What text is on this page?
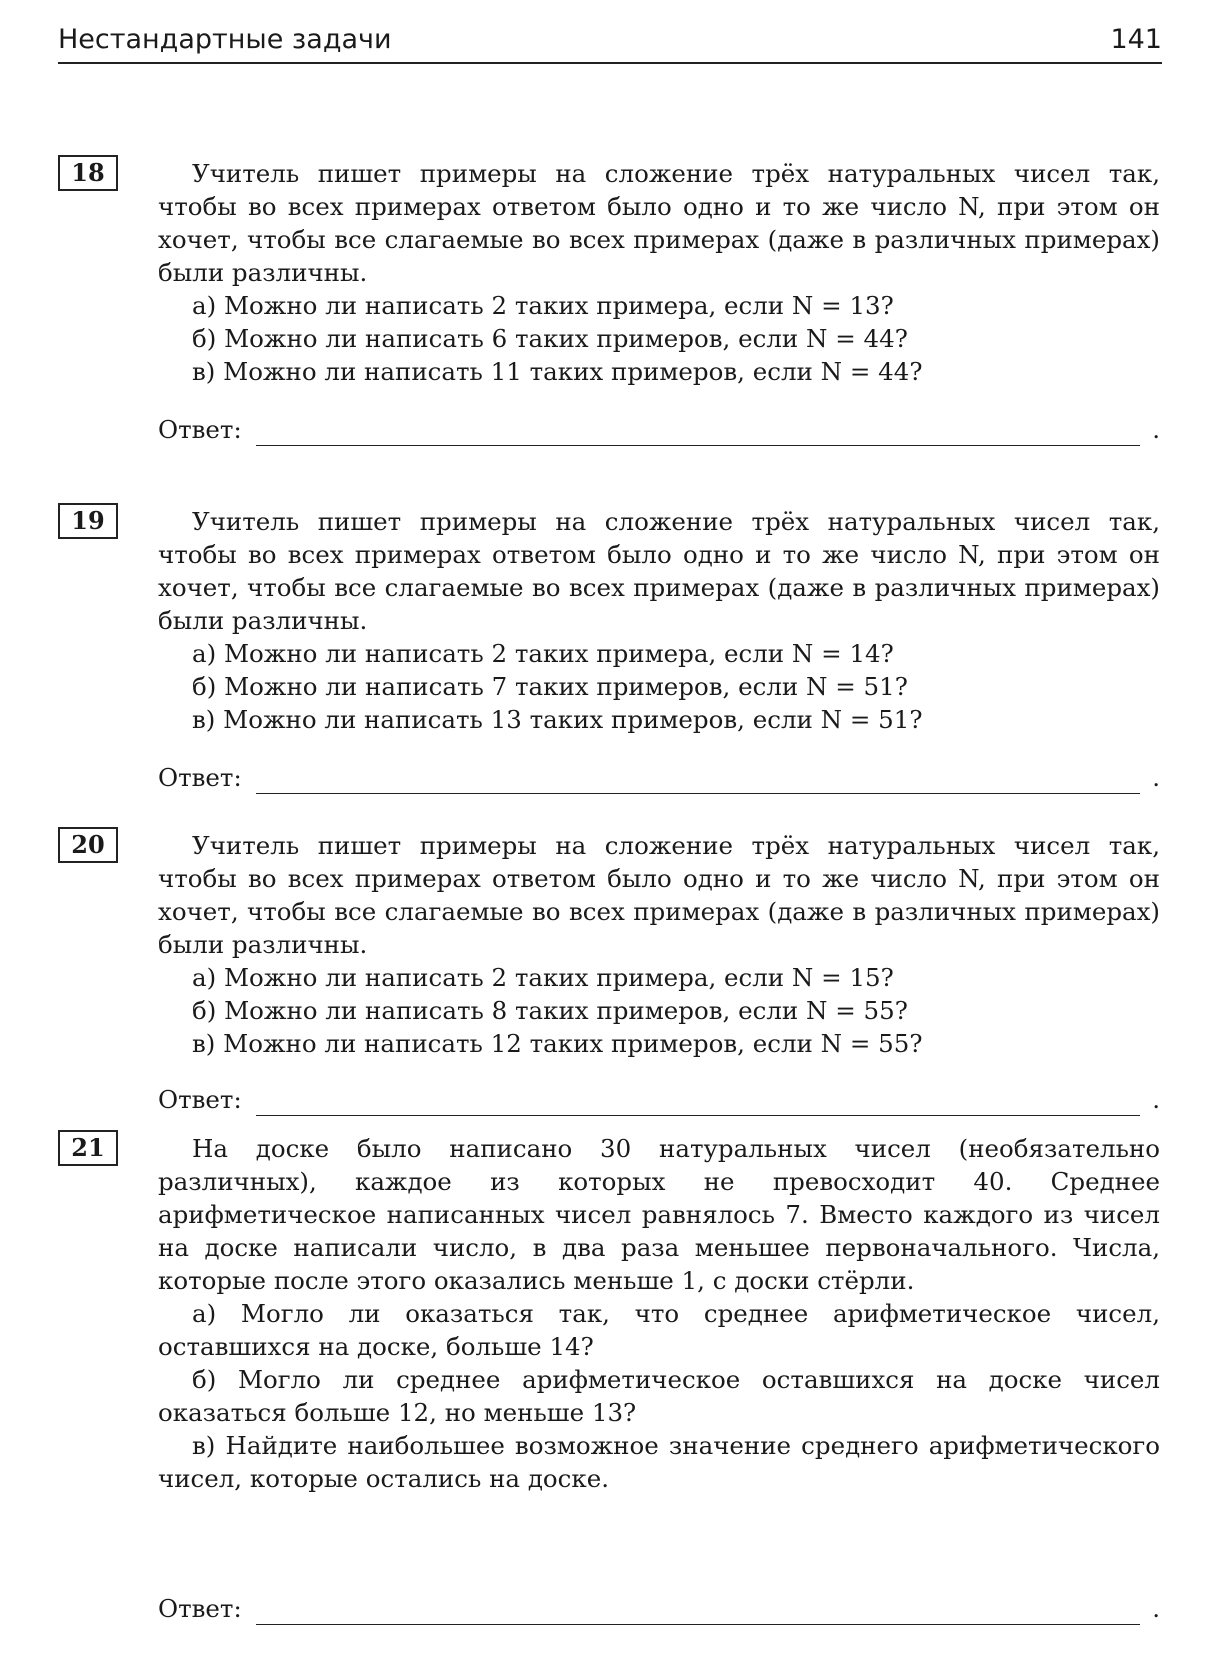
Нестандартные задачи	141
18	Учитель пишет примеры на сложение трёх натуральных чисел так, чтобы во всех примерах ответом было одно и то же число N, при этом он хочет, чтобы все слагаемые во всех примерах (даже в различных примерах) были различны.

а) Можно ли написать 2 таких примера, если N = 13?

б) Можно ли написать 6 таких примеров, если N = 44?

в) Можно ли написать 11 таких примеров, если N = 44?

Ответ:	.
19	Учитель пишет примеры на сложение трёх натуральных чисел так, чтобы во всех примерах ответом было одно и то же число N, при этом он хочет, чтобы все слагаемые во всех примерах (даже в различных примерах) были различны.

а) Можно ли написать 2 таких примера, если N = 14?

б) Можно ли написать 7 таких примеров, если N = 51?

в) Можно ли написать 13 таких примеров, если N = 51?

Ответ:	.
20	Учитель пишет примеры на сложение трёх натуральных чисел так, чтобы во всех примерах ответом было одно и то же число N, при этом он хочет, чтобы все слагаемые во всех примерах (даже в различных примерах) были различны.

а) Можно ли написать 2 таких примера, если N = 15?

б) Можно ли написать 8 таких примеров, если N = 55?

в) Можно ли написать 12 таких примеров, если N = 55?

Ответ:	.
21	На доске было написано 30 натуральных чисел (необязательно различных), каждое из которых не превосходит 40. Среднее арифметическое написанных чисел равнялось 7. Вместо каждого из чисел на доске написали число, в два раза меньшее первоначального. Числа, которые после этого оказались меньше 1, с доски стёрли.

а) Могло ли оказаться так, что среднее арифметическое чисел, оставшихся на доске, больше 14?

б) Могло ли среднее арифметическое оставшихся на доске чисел оказаться больше 12, но меньше 13?

в) Найдите наибольшее возможное значение среднего арифметического чисел, которые остались на доске.

Ответ:	.
